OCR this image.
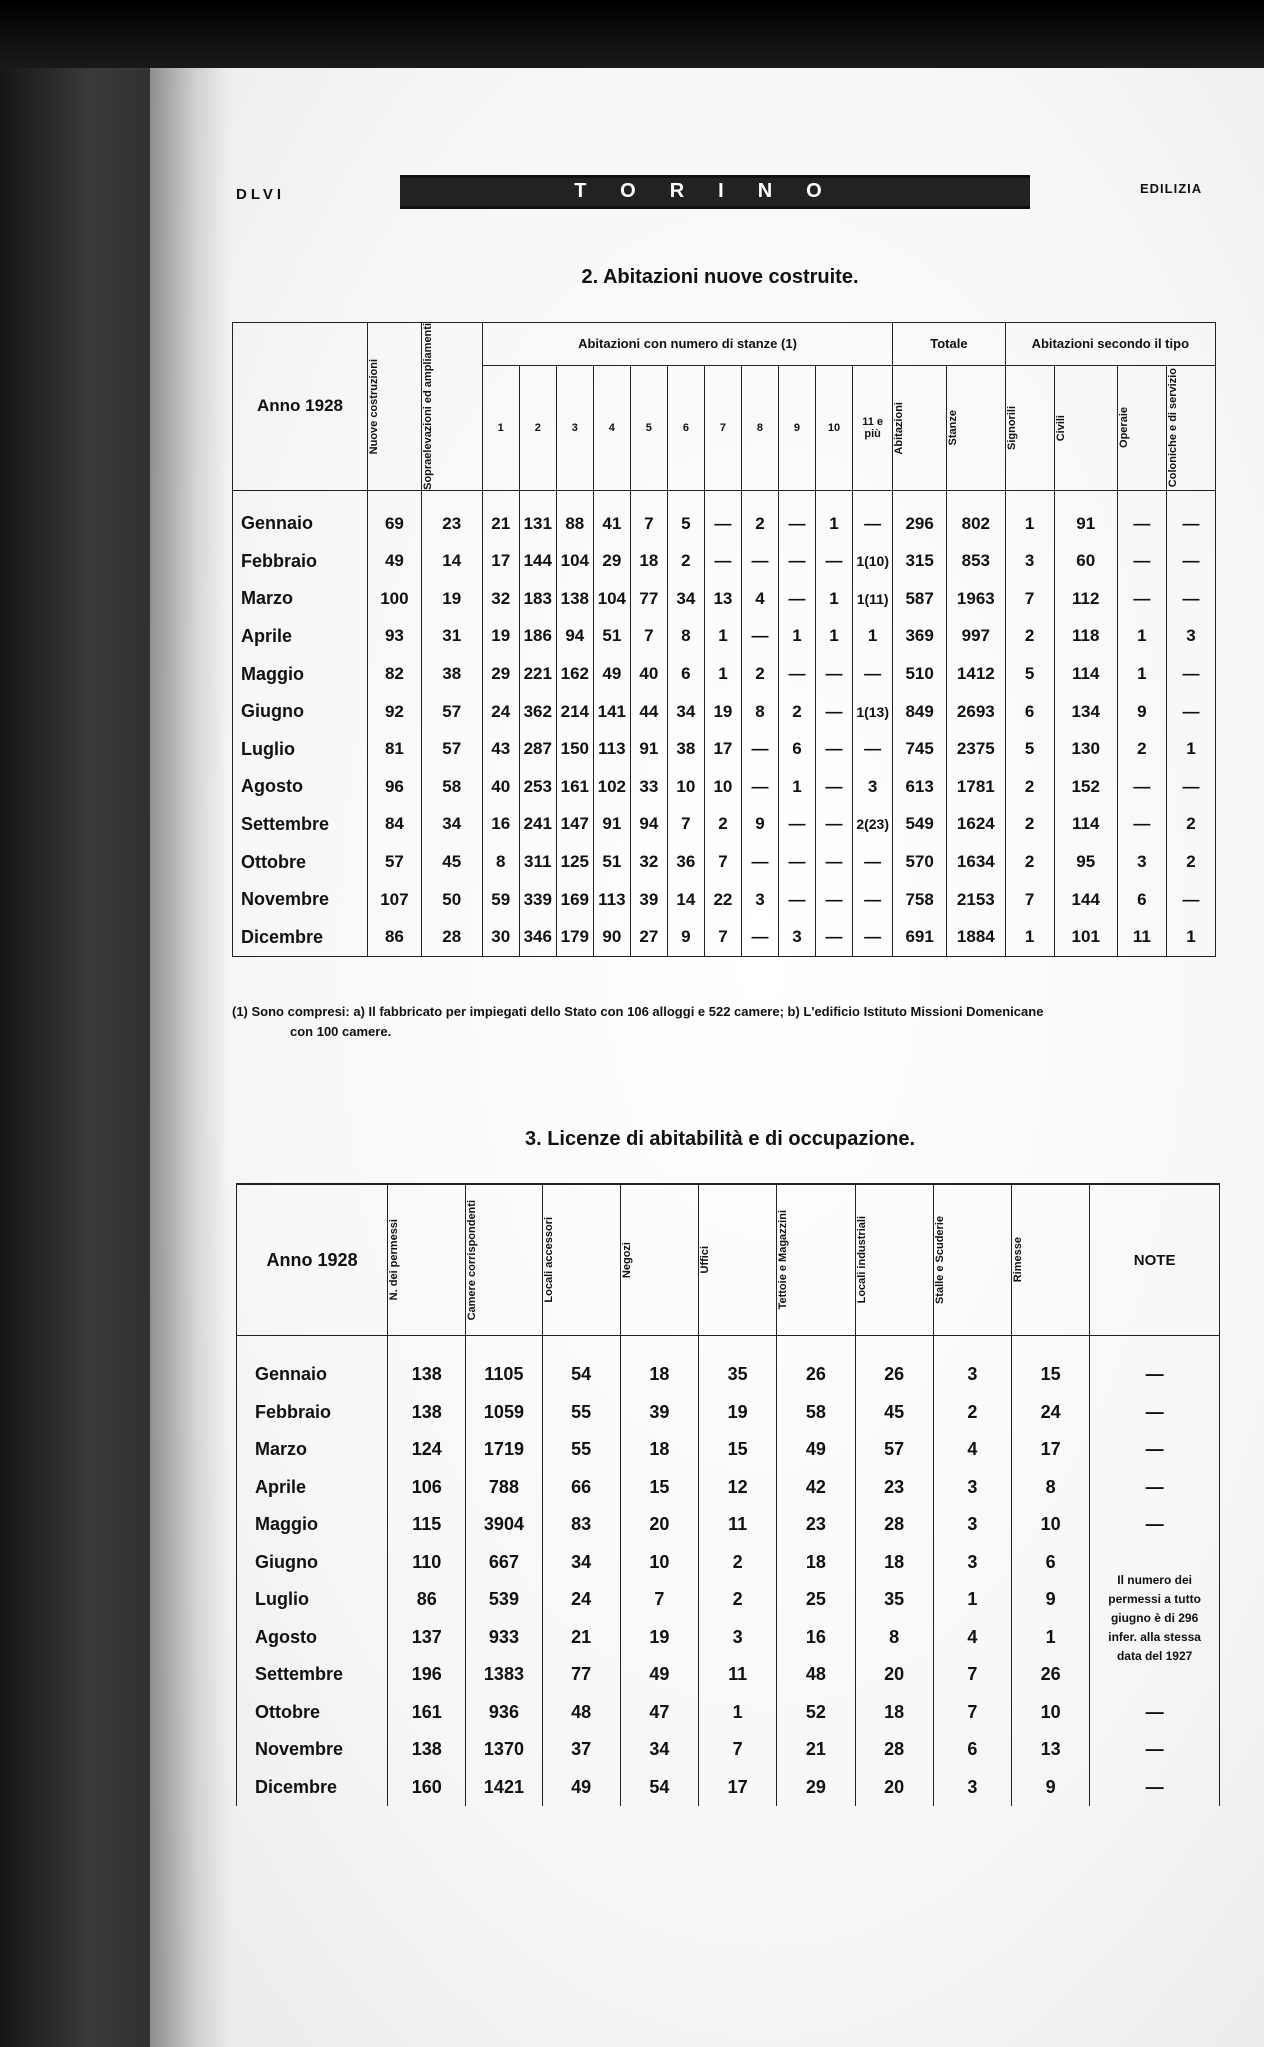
DLVI	TORINO	EDILIZIA
2. Abitazioni nuove costruite.
Anno 1928	Nuove costruzioni	Sopraelevazioni ed ampliamenti	Abitazioni con numero di stanze (1)											Totale		Abitazioni secondo il tipo			
			1	2	3	4	5	6	7	8	9	10	11 e più	Abitazioni	Stanze	Signorili	Civili	Operaie	Coloniche e di servizio

Gennaio	69	23	21	131	88	41	7	5	—	2	—	1	—	296	802	1	91	—	—
Febbraio	49	14	17	144	104	29	18	2	—	—	—	—	1(10)	315	853	3	60	—	—
Marzo	100	19	32	183	138	104	77	34	13	4	—	1	1(11)	587	1963	7	112	—	—
Aprile	93	31	19	186	94	51	7	8	1	—	1	1	1	369	997	2	118	1	3
Maggio	82	38	29	221	162	49	40	6	1	2	—	—	—	510	1412	5	114	1	—
Giugno	92	57	24	362	214	141	44	34	19	8	2	—	1(13)	849	2693	6	134	9	—
Luglio	81	57	43	287	150	113	91	38	17	—	6	—	—	745	2375	5	130	2	1
Agosto	96	58	40	253	161	102	33	10	10	—	1	—	3	613	1781	2	152	—	—
Settembre	84	34	16	241	147	91	94	7	2	9	—	—	2(23)	549	1624	2	114	—	2
Ottobre	57	45	8	311	125	51	32	36	7	—	—	—	—	570	1634	2	95	3	2
Novembre	107	50	59	339	169	113	39	14	22	3	—	—	—	758	2153	7	144	6	—
Dicembre	86	28	30	346	179	90	27	9	7	—	3	—	—	691	1884	1	101	11	1
(1) Sono compresi: a) Il fabbricato per impiegati dello Stato con 106 alloggi e 522 camere; b) L'edificio Istituto Missioni Domenicane
con 100 camere.
3. Licenze di abitabilità e di occupazione.
Anno 1928	N. dei permessi	Camere corrispondenti	Locali accessori	Negozi	Uffici	Tettoie e Magazzini	Locali industriali	Stalle e Scuderie	Rimesse	NOTE
Gennaio	138	1105	54	18	35	26	26	3	15	—
Febbraio	138	1059	55	39	19	58	45	2	24	—
Marzo	124	1719	55	18	15	49	57	4	17	—
Aprile	106	788	66	15	12	42	23	3	8	—
Maggio	115	3904	83	20	11	23	28	3	10	—
Giugno	110	667	34	10	2	18	18	3	6	Il numero dei permessi a tutto giugno è di 296 infer. alla stessa data del 1927
Luglio	86	539	24	7	2	25	35	1	9	
Agosto	137	933	21	19	3	16	8	4	1	
Settembre	196	1383	77	49	11	48	20	7	26	
Ottobre	161	936	48	47	1	52	18	7	10	—
Novembre	138	1370	37	34	7	21	28	6	13	—
Dicembre	160	1421	49	54	17	29	20	3	9	—
